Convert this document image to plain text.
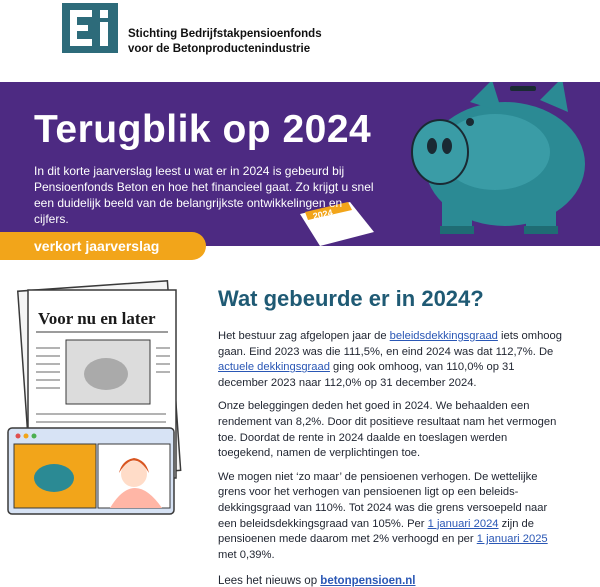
Stichting Bedrijfstakpensioenfonds
voor de Betonproductenindustrie
2024
Terugblik op 2024
In dit korte jaarverslag leest u wat er in 2024 is gebeurd bij Pensioenfonds Beton en hoe het financieel gaat. Zo krijgt u snel een duidelijk beeld van de belangrijkste ontwikkelingen en cijfers.
verkort jaarverslag
Voor nu en later
Wat gebeurde er in 2024?

Het bestuur zag afgelopen jaar de beleidsdekkingsgraad iets omhoog gaan. Eind 2023 was die 111,5%, en eind 2024 was dat 112,7%. De actuele dekkingsgraad ging ook omhoog, van 110,0% op 31 december 2023 naar 112,0% op 31 december 2024.

Onze beleggingen deden het goed in 2024. We behaalden een rendement van 8,2%. Door dit positieve resultaat nam het vermogen toe. Doordat de rente in 2024 daalde en toeslagen werden toegekend, namen de verplichtingen toe.

We mogen niet ‘zo maar’ de pensioenen verhogen. De wettelijke grens voor het verhogen van pensioenen ligt op een beleids-dekkingsgraad van 110%. Tot 2024 was die grens versoepeld naar een beleidsdekkingsgraad van 105%. Per 1 januari 2024 zijn de pensioenen mede daarom met 2% verhoogd en per 1 januari 2025 met 0,39%.

Lees het nieuws op betonpensioen.nl
